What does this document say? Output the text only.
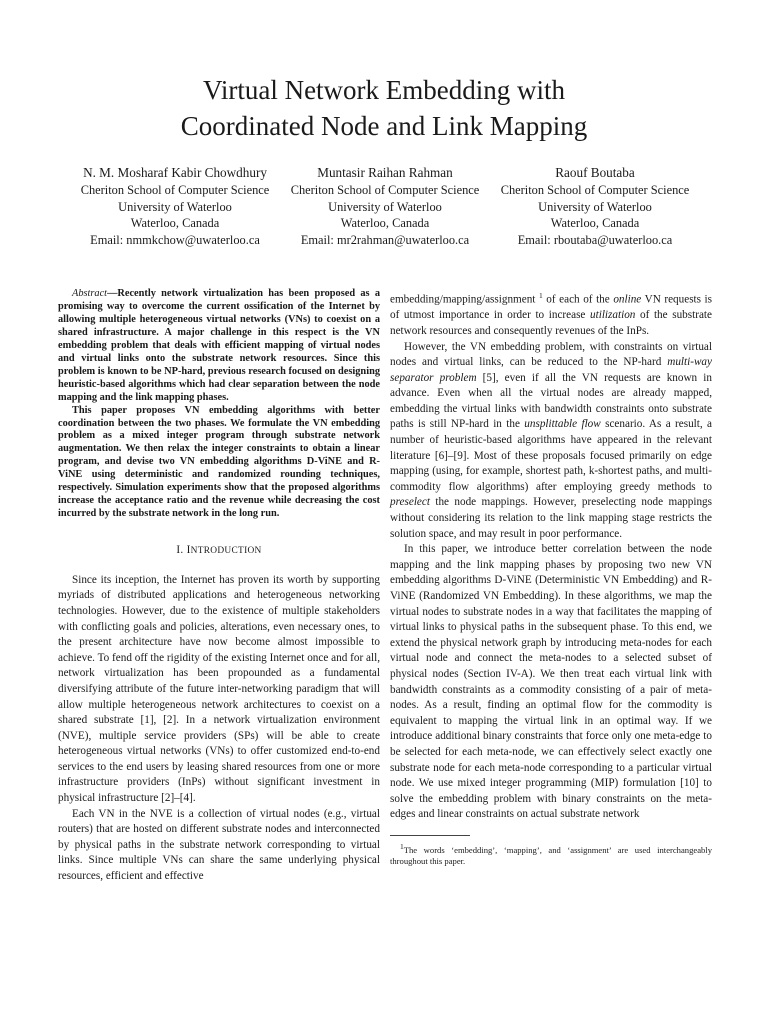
Virtual Network Embedding with
Coordinated Node and Link Mapping
N. M. Mosharaf Kabir Chowdhury
Cheriton School of Computer Science
University of Waterloo
Waterloo, Canada
Email: nmmkchow@uwaterloo.ca
Muntasir Raihan Rahman
Cheriton School of Computer Science
University of Waterloo
Waterloo, Canada
Email: mr2rahman@uwaterloo.ca
Raouf Boutaba
Cheriton School of Computer Science
University of Waterloo
Waterloo, Canada
Email: rboutaba@uwaterloo.ca

Abstract—Recently network virtualization has been proposed as a promising way to overcome the current ossification of the Internet by allowing multiple heterogeneous virtual networks (VNs) to coexist on a shared infrastructure. A major challenge in this respect is the VN embedding problem that deals with efficient mapping of virtual nodes and virtual links onto the substrate network resources. Since this problem is known to be NP-hard, previous research focused on designing heuristic-based algorithms which had clear separation between the node mapping and the link mapping phases.

This paper proposes VN embedding algorithms with better coordination between the two phases. We formulate the VN embedding problem as a mixed integer program through substrate network augmentation. We then relax the integer constraints to obtain a linear program, and devise two VN embedding algorithms D-ViNE and R-ViNE using deterministic and randomized rounding techniques, respectively. Simulation experiments show that the proposed algorithms increase the acceptance ratio and the revenue while decreasing the cost incurred by the substrate network in the long run.

I. INTRODUCTION

Since its inception, the Internet has proven its worth by supporting myriads of distributed applications and heterogeneous networking technologies. However, due to the existence of multiple stakeholders with conflicting goals and policies, alterations, even necessary ones, to the present architecture have now become almost impossible to achieve. To fend off the rigidity of the existing Internet once and for all, network virtualization has been propounded as a fundamental diversifying attribute of the future inter-networking paradigm that will allow multiple heterogeneous network architectures to coexist on a shared substrate [1], [2]. In a network virtualization environment (NVE), multiple service providers (SPs) will be able to create heterogeneous virtual networks (VNs) to offer customized end-to-end services to the end users by leasing shared resources from one or more infrastructure providers (InPs) without significant investment in physical infrastructure [2]–[4].

Each VN in the NVE is a collection of virtual nodes (e.g., virtual routers) that are hosted on different substrate nodes and interconnected by physical paths in the substrate network corresponding to virtual links. Since multiple VNs can share the same underlying physical resources, efficient and effective

embedding/mapping/assignment $^1$ of each of the online VN requests is of utmost importance in order to increase utilization of the substrate network resources and consequently revenues of the InPs.

However, the VN embedding problem, with constraints on virtual nodes and virtual links, can be reduced to the NP-hard multi-way separator problem [5], even if all the VN requests are known in advance. Even when all the virtual nodes are already mapped, embedding the virtual links with bandwidth constraints onto substrate paths is still NP-hard in the unsplittable flow scenario. As a result, a number of heuristic-based algorithms have appeared in the relevant literature [6]–[9]. Most of these proposals focused primarily on edge mapping (using, for example, shortest path, k-shortest paths, and multi-commodity flow algorithms) after employing greedy methods to preselect the node mappings. However, preselecting node mappings without considering its relation to the link mapping stage restricts the solution space, and may result in poor performance.

In this paper, we introduce better correlation between the node mapping and the link mapping phases by proposing two new VN embedding algorithms D-ViNE (Deterministic VN Embedding) and R-ViNE (Randomized VN Embedding). In these algorithms, we map the virtual nodes to substrate nodes in a way that facilitates the mapping of virtual links to physical paths in the subsequent phase. To this end, we extend the physical network graph by introducing meta-nodes for each virtual node and connect the meta-nodes to a selected subset of physical nodes (Section IV-A). We then treat each virtual link with bandwidth constraints as a commodity consisting of a pair of meta-nodes. As a result, finding an optimal flow for the commodity is equivalent to mapping the virtual link in an optimal way. If we introduce additional binary constraints that force only one meta-edge to be selected for each meta-node, we can effectively select exactly one substrate node for each meta-node corresponding to a particular virtual node. We use mixed integer programming (MIP) formulation [10] to solve the embedding problem with binary constraints on the meta-edges and linear constraints on actual substrate network

$^1$The words ‘embedding’, ‘mapping’, and ‘assignment’ are used interchangeably throughout this paper.
